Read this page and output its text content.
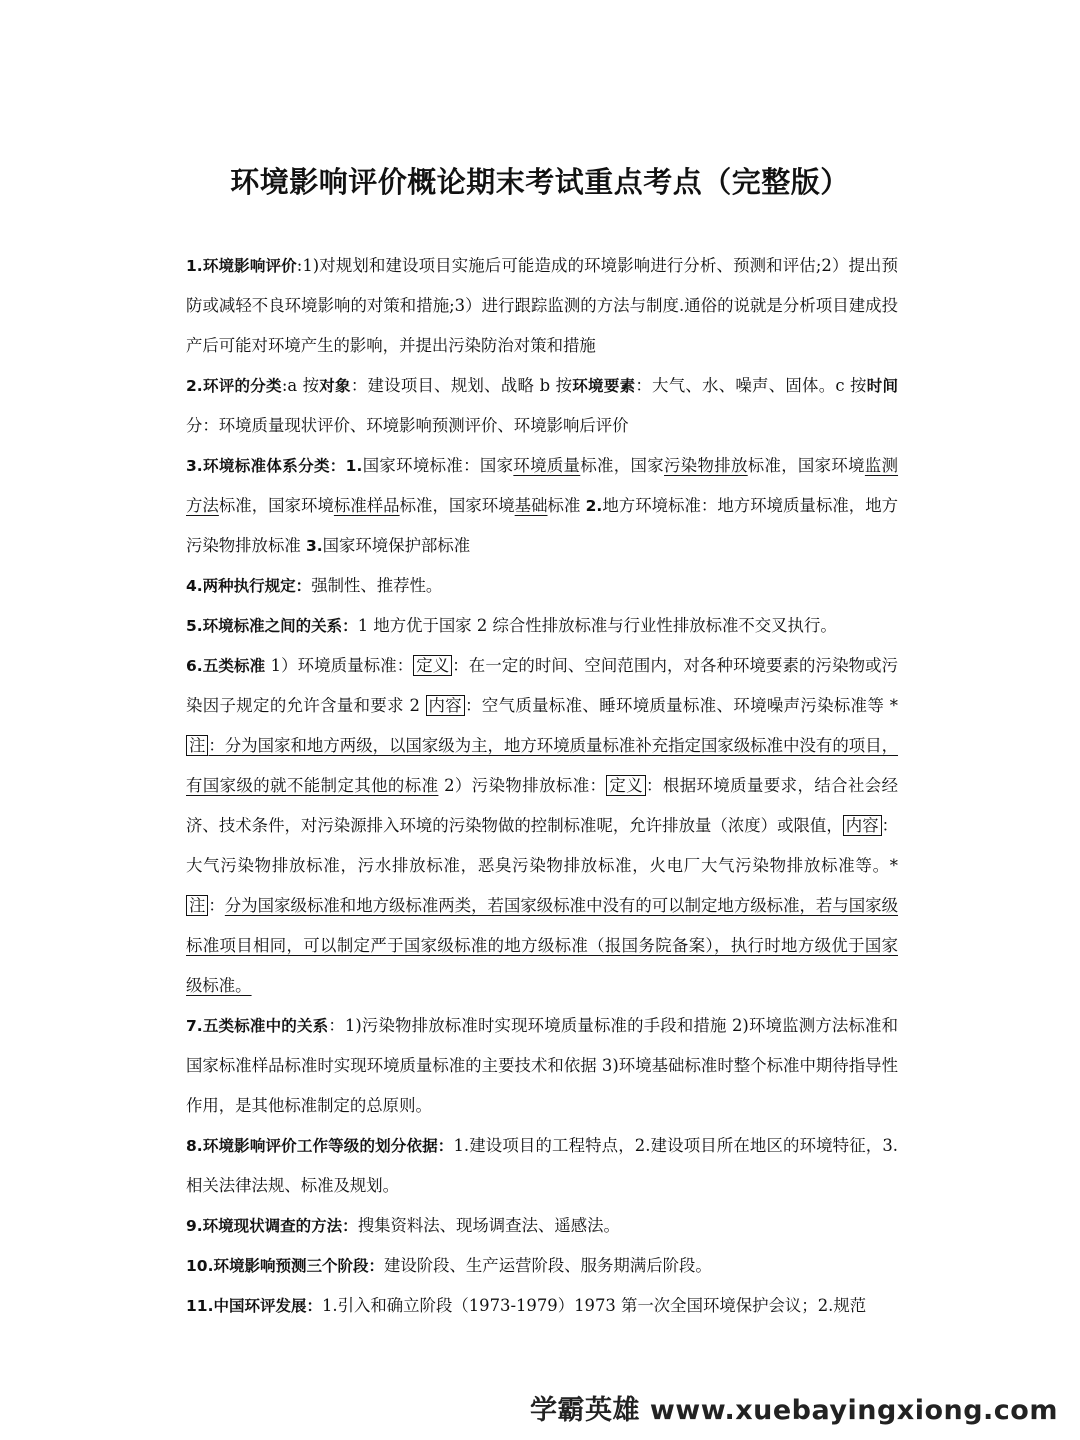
环境影响评价概论期末考试重点考点（完整版）

1.环境影响评价:1)对规划和建设项目实施后可能造成的环境影响进行分析、预测和评估;2）提出预防或减轻不良环境影响的对策和措施;3）进行跟踪监测的方法与制度.通俗的说就是分析项目建成投产后可能对环境产生的影响，并提出污染防治对策和措施

2.环评的分类:a 按对象：建设项目、规划、战略 b 按环境要素：大气、水、噪声、固体。c 按时间分：环境质量现状评价、环境影响预测评价、环境影响后评价

3.环境标准体系分类：1.国家环境标准：国家环境质量标准，国家污染物排放标准，国家环境监测方法标准，国家环境标准样品标准，国家环境基础标准 2.地方环境标准：地方环境质量标准，地方污染物排放标准 3.国家环境保护部标准

4.两种执行规定：强制性、推荐性。

5.环境标准之间的关系：1 地方优于国家 2 综合性排放标准与行业性排放标准不交叉执行。

6.五类标准 1）环境质量标准： 定义 ：在一定的时间、空间范围内，对各种环境要素的污染物或污染因子规定的允许含量和要求 2 内容 ：空气质量标准、睡环境质量标准、环境噪声污染标准等 *注 ：分为国家和地方两级，以国家级为主，地方环境质量标准补充指定国家级标准中没有的项目，有国家级的就不能制定其他的标准 2）污染物排放标准： 定义 ：根据环境质量要求，结合社会经济、技术条件，对污染源排入环境的污染物做的控制标准呢，允许排放量（浓度）或限值， 内容 ：大气污染物排放标准，污水排放标准，恶臭污染物排放标准，火电厂大气污染物排放标准等。*注 ：分为国家级标准和地方级标准两类，若国家级标准中没有的可以制定地方级标准，若与国家级标准项目相同，可以制定严于国家级标准的地方级标准（报国务院备案），执行时地方级优于国家级标准。

7.五类标准中的关系：1)污染物排放标准时实现环境质量标准的手段和措施 2)环境监测方法标准和国家标准样品标准时实现环境质量标准的主要技术和依据 3)环境基础标准时整个标准中期待指导性作用，是其他标准制定的总原则。

8.环境影响评价工作等级的划分依据：1.建设项目的工程特点，2.建设项目所在地区的环境特征，3.相关法律法规、标准及规划。

9.环境现状调查的方法：搜集资料法、现场调查法、遥感法。

10.环境影响预测三个阶段：建设阶段、生产运营阶段、服务期满后阶段。

11.中国环评发展：1.引入和确立阶段（1973-1979）1973 第一次全国环境保护会议；2.规范

学霸英雄 www.xuebayingxiong.com
